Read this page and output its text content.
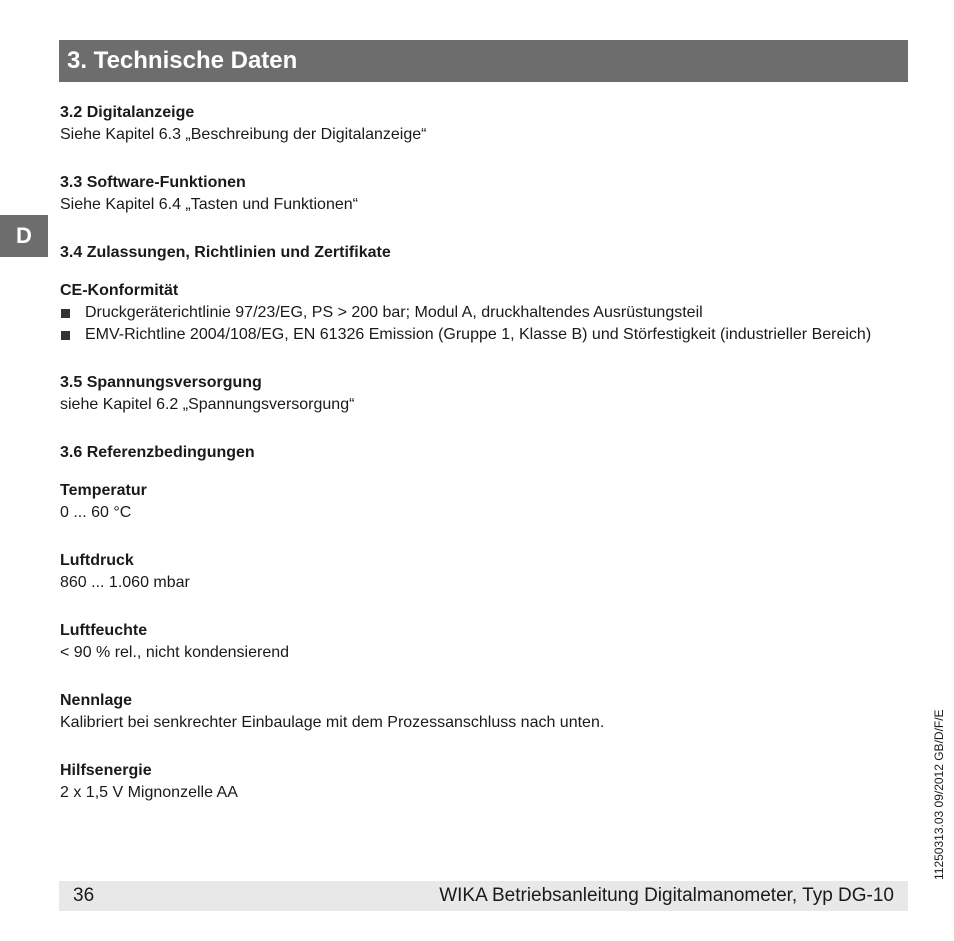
3. Technische Daten
D

3.2 Digitalanzeige

Siehe Kapitel 6.3 „Beschreibung der Digitalanzeige“

3.3 Software-Funktionen

Siehe Kapitel 6.4 „Tasten und Funktionen“

3.4 Zulassungen, Richtlinien und Zertifikate

CE-Konformität

Druckgeräterichtlinie 97/23/EG, PS > 200 bar; Modul A, druckhaltendes Ausrüstungsteil
EMV-Richtline 2004/108/EG, EN 61326 Emission (Gruppe 1, Klasse B) und Störfestigkeit (industrieller Bereich)

3.5 Spannungsversorgung

siehe Kapitel 6.2 „Spannungsversorgung“

3.6 Referenzbedingungen

Temperatur

0 ... 60 °C

Luftdruck

860 ... 1.060 mbar

Luftfeuchte

< 90 % rel., nicht kondensierend

Nennlage

Kalibriert bei senkrechter Einbaulage mit dem Prozessanschluss nach unten.

Hilfsenergie

2 x 1,5 V Mignonzelle AA	11250313.03 09/2012 GB/D/F/E
36	WIKA Betriebsanleitung Digitalmanometer, Typ DG-10
